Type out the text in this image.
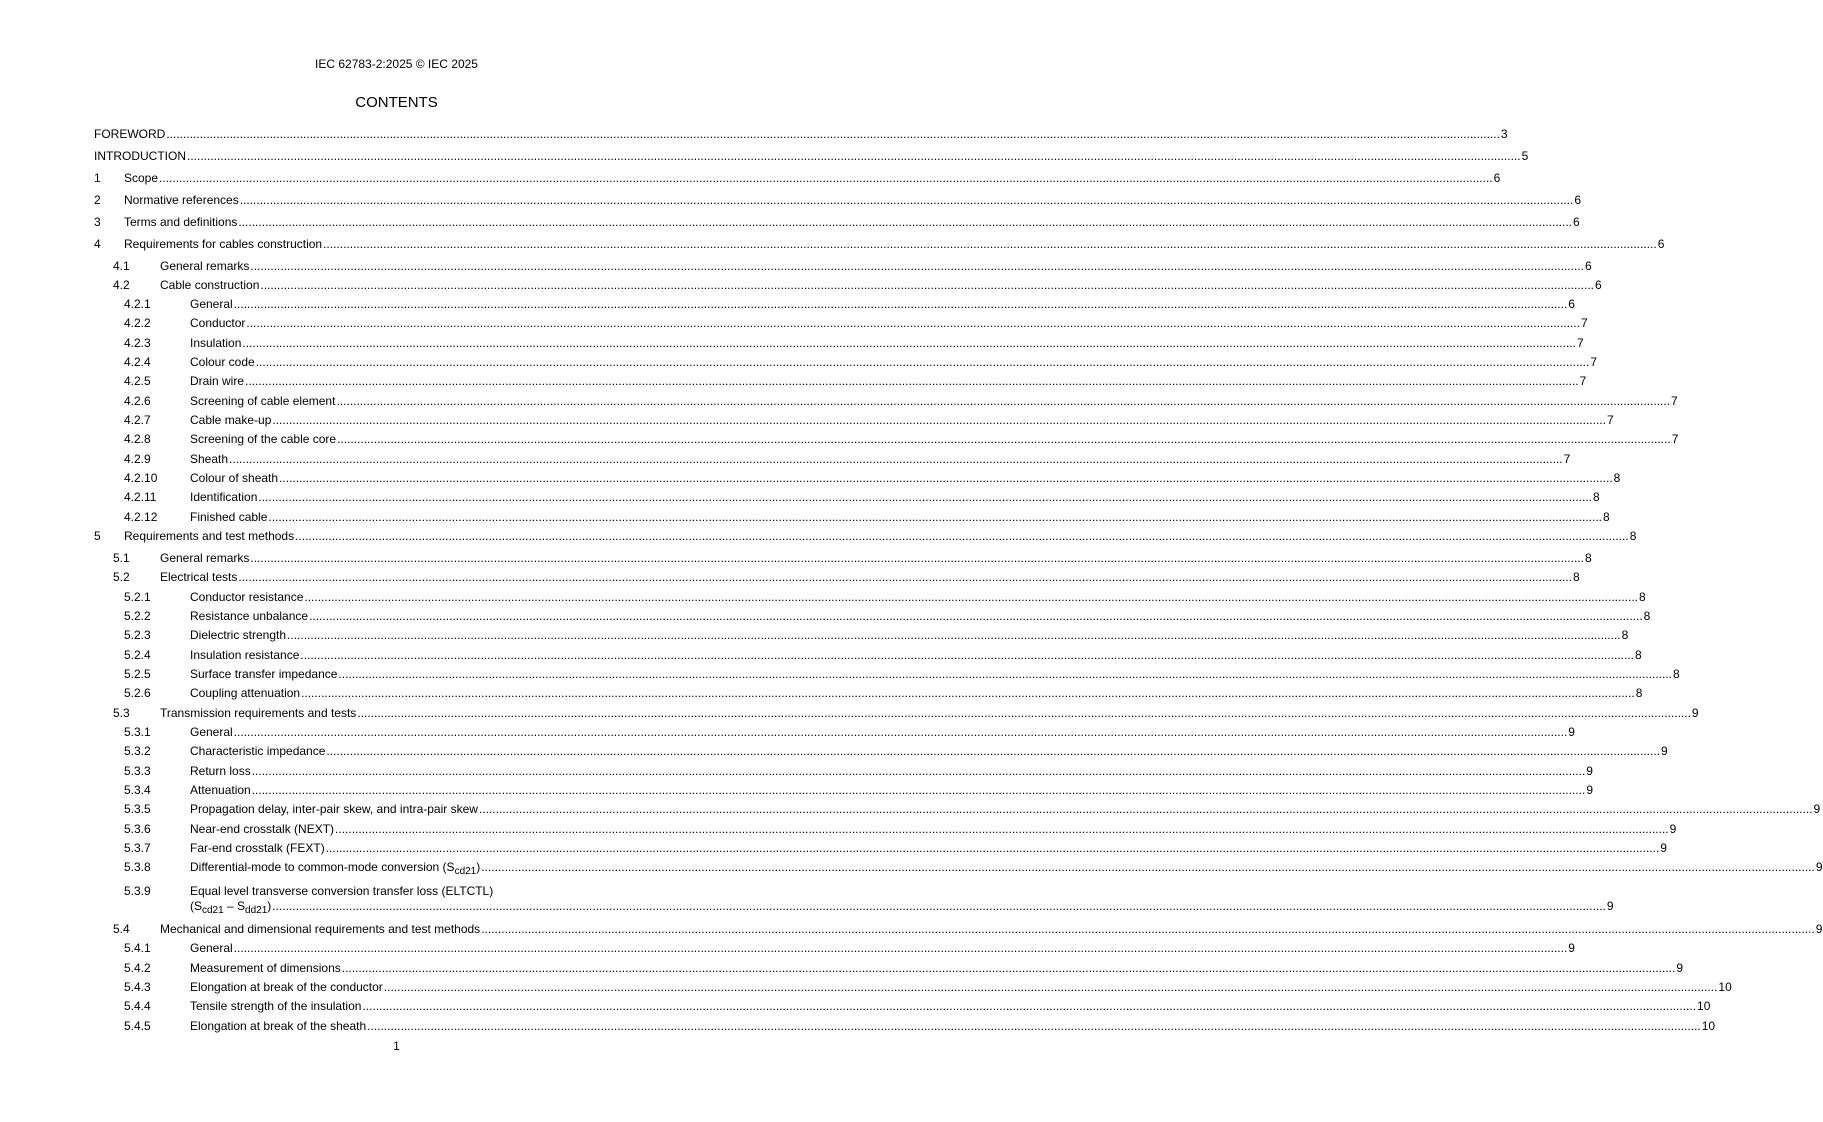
IEC 62783-2:2025 © IEC 2025
CONTENTS
FOREWORD ................................................................................................................................................................................................................................................................................................................................................................................................................ 3
INTRODUCTION ................................................................................................................................................................................................................................................................................................................................................................................................................ 5
1 Scope ................................................................................................................................................................................................................................................................................................................................................................................................................ 6
2 Normative references ................................................................................................................................................................................................................................................................................................................................................................................................................ 6
3 Terms and definitions ................................................................................................................................................................................................................................................................................................................................................................................................................ 6
4 Requirements for cables construction ................................................................................................................................................................................................................................................................................................................................................................................................................ 6
4.1	General remarks ................................................................................................................................................................................................................................................................................................................................................................................................................ 6
4.2	Cable construction ................................................................................................................................................................................................................................................................................................................................................................................................................ 6
4.2.1	General ................................................................................................................................................................................................................................................................................................................................................................................................................ 6
4.2.2	Conductor ................................................................................................................................................................................................................................................................................................................................................................................................................ 7
4.2.3	Insulation ................................................................................................................................................................................................................................................................................................................................................................................................................ 7
4.2.4	Colour code ................................................................................................................................................................................................................................................................................................................................................................................................................ 7
4.2.5	Drain wire ................................................................................................................................................................................................................................................................................................................................................................................................................ 7
4.2.6	Screening of cable element ................................................................................................................................................................................................................................................................................................................................................................................................................ 7
4.2.7	Cable make-up ................................................................................................................................................................................................................................................................................................................................................................................................................ 7
4.2.8	Screening of the cable core ................................................................................................................................................................................................................................................................................................................................................................................................................ 7
4.2.9	Sheath ................................................................................................................................................................................................................................................................................................................................................................................................................ 7
4.2.10	Colour of sheath ................................................................................................................................................................................................................................................................................................................................................................................................................ 8
4.2.11	Identification ................................................................................................................................................................................................................................................................................................................................................................................................................ 8
4.2.12	Finished cable ................................................................................................................................................................................................................................................................................................................................................................................................................ 8
5 Requirements and test methods ................................................................................................................................................................................................................................................................................................................................................................................................................ 8
5.1	General remarks ................................................................................................................................................................................................................................................................................................................................................................................................................ 8
5.2	Electrical tests ................................................................................................................................................................................................................................................................................................................................................................................................................ 8
5.2.1	Conductor resistance ................................................................................................................................................................................................................................................................................................................................................................................................................ 8
5.2.2	Resistance unbalance ................................................................................................................................................................................................................................................................................................................................................................................................................ 8
5.2.3	Dielectric strength ................................................................................................................................................................................................................................................................................................................................................................................................................ 8
5.2.4	Insulation resistance ................................................................................................................................................................................................................................................................................................................................................................................................................ 8
5.2.5	Surface transfer impedance ................................................................................................................................................................................................................................................................................................................................................................................................................ 8
5.2.6	Coupling attenuation ................................................................................................................................................................................................................................................................................................................................................................................................................ 8
5.3	Transmission requirements and tests ................................................................................................................................................................................................................................................................................................................................................................................................................ 9
5.3.1	General ................................................................................................................................................................................................................................................................................................................................................................................................................ 9
5.3.2	Characteristic impedance ................................................................................................................................................................................................................................................................................................................................................................................................................ 9
5.3.3	Return loss ................................................................................................................................................................................................................................................................................................................................................................................................................ 9
5.3.4	Attenuation ................................................................................................................................................................................................................................................................................................................................................................................................................ 9
5.3.5	Propagation delay, inter-pair skew, and intra-pair skew ................................................................................................................................................................................................................................................................................................................................................................................................................ 9
5.3.6	Near-end crosstalk (NEXT) ................................................................................................................................................................................................................................................................................................................................................................................................................ 9
5.3.7	Far-end crosstalk (FEXT) ................................................................................................................................................................................................................................................................................................................................................................................................................ 9
5.3.8	Differential-mode to common-mode conversion $(S_{cd21})$ ................................................................................................................................................................................................................................................................................................................................................................................................................ 9
5.3.9	Equal level transverse conversion transfer loss (ELTCTL)
$(S_{cd21} - S_{dd21})$ ................................................................................................................................................................................................................................................................................................................................................................................................................ 9
5.4	Mechanical and dimensional requirements and test methods ................................................................................................................................................................................................................................................................................................................................................................................................................ 9
5.4.1	General ................................................................................................................................................................................................................................................................................................................................................................................................................ 9
5.4.2	Measurement of dimensions ................................................................................................................................................................................................................................................................................................................................................................................................................ 9
5.4.3	Elongation at break of the conductor ................................................................................................................................................................................................................................................................................................................................................................................................................ 10
5.4.4	Tensile strength of the insulation ................................................................................................................................................................................................................................................................................................................................................................................................................ 10
5.4.5	Elongation at break of the sheath ................................................................................................................................................................................................................................................................................................................................................................................................................ 10
1
